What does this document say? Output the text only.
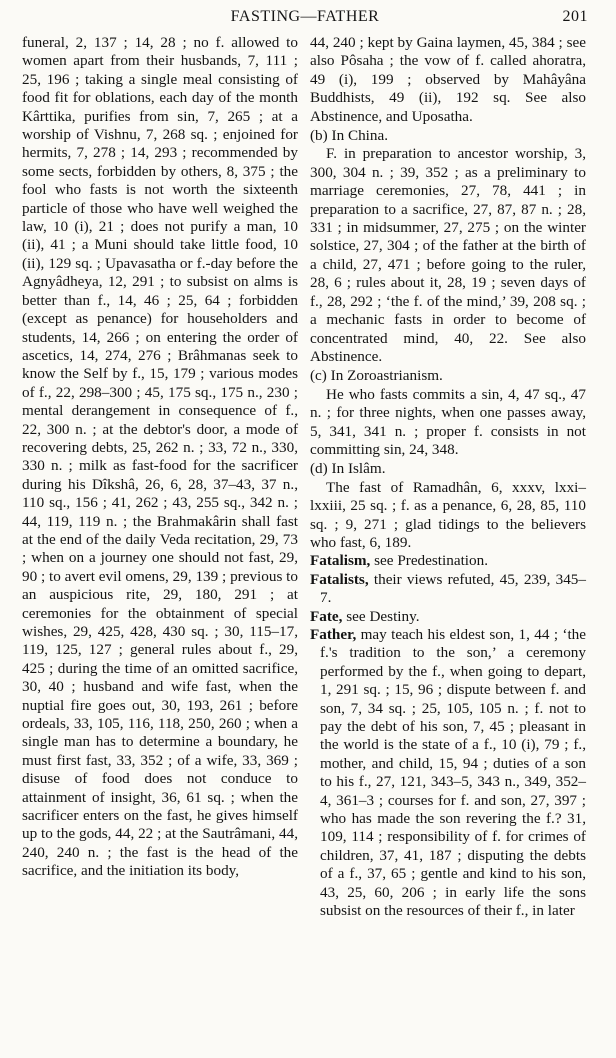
FASTING—FATHER	201

funeral, 2, 137 ; 14, 28 ; no f. allowed to women apart from their husbands, 7, 111 ; 25, 196 ; taking a single meal consisting of food fit for oblations, each day of the month Kârttika, purifies from sin, 7, 265 ; at a worship of Vishnu, 7, 268 sq. ; enjoined for hermits, 7, 278 ; 14, 293 ; recommended by some sects, forbidden by others, 8, 375 ; the fool who fasts is not worth the sixteenth particle of those who have well weighed the law, 10 (i), 21 ; does not purify a man, 10 (ii), 41 ; a Muni should take little food, 10 (ii), 129 sq. ; Upavasatha or f.-day before the Agnyâdheya, 12, 291 ; to subsist on alms is better than f., 14, 46 ; 25, 64 ; forbidden (except as penance) for householders and students, 14, 266 ; on entering the order of ascetics, 14, 274, 276 ; Brâhmanas seek to know the Self by f., 15, 179 ; various modes of f., 22, 298–300 ; 45, 175 sq., 175 n., 230 ; mental derangement in consequence of f., 22, 300 n. ; at the debtor's door, a mode of recovering debts, 25, 262 n. ; 33, 72 n., 330, 330 n. ; milk as fast-food for the sacrificer during his Dîkshâ, 26, 6, 28, 37–43, 37 n., 110 sq., 156 ; 41, 262 ; 43, 255 sq., 342 n. ; 44, 119, 119 n. ; the Brahmakârin shall fast at the end of the daily Veda recitation, 29, 73 ; when on a journey one should not fast, 29, 90 ; to avert evil omens, 29, 139 ; previous to an auspicious rite, 29, 180, 291 ; at ceremonies for the obtainment of special wishes, 29, 425, 428, 430 sq. ; 30, 115–17, 119, 125, 127 ; general rules about f., 29, 425 ; during the time of an omitted sacrifice, 30, 40 ; husband and wife fast, when the nuptial fire goes out, 30, 193, 261 ; before ordeals, 33, 105, 116, 118, 250, 260 ; when a single man has to determine a boundary, he must first fast, 33, 352 ; of a wife, 33, 369 ; disuse of food does not conduce to attainment of insight, 36, 61 sq. ; when the sacrificer enters on the fast, he gives himself up to the gods, 44, 22 ; at the Sautrâmani, 44, 240, 240 n. ; the fast is the head of the sacrifice, and the initiation its body,

44, 240 ; kept by Gaina laymen, 45, 384 ; see also Pôsaha ; the vow of f. called ahoratra, 49 (i), 199 ; observed by Mahâyâna Buddhists, 49 (ii), 192 sq. See also Abstinence, and Uposatha.

(b) In China.

F. in preparation to ancestor worship, 3, 300, 304 n. ; 39, 352 ; as a preliminary to marriage ceremonies, 27, 78, 441 ; in preparation to a sacrifice, 27, 87, 87 n. ; 28, 331 ; in midsummer, 27, 275 ; on the winter solstice, 27, 304 ; of the father at the birth of a child, 27, 471 ; before going to the ruler, 28, 6 ; rules about it, 28, 19 ; seven days of f., 28, 292 ; ‘the f. of the mind,’ 39, 208 sq. ; a mechanic fasts in order to become of concentrated mind, 40, 22. See also Abstinence.

(c) In Zoroastrianism.

He who fasts commits a sin, 4, 47 sq., 47 n. ; for three nights, when one passes away, 5, 341, 341 n. ; proper f. consists in not committing sin, 24, 348.

(d) In Islâm.

The fast of Ramadhân, 6, xxxv, lxxi–lxxiii, 25 sq. ; f. as a penance, 6, 28, 85, 110 sq. ; 9, 271 ; glad tidings to the believers who fast, 6, 189.

Fatalism, see Predestination.

Fatalists, their views refuted, 45, 239, 345–7.

Fate, see Destiny.

Father, may teach his eldest son, 1, 44 ; ‘the f.'s tradition to the son,’ a ceremony performed by the f., when going to depart, 1, 291 sq. ; 15, 96 ; dispute between f. and son, 7, 34 sq. ; 25, 105, 105 n. ; f. not to pay the debt of his son, 7, 45 ; pleasant in the world is the state of a f., 10 (i), 79 ; f., mother, and child, 15, 94 ; duties of a son to his f., 27, 121, 343–5, 343 n., 349, 352–4, 361–3 ; courses for f. and son, 27, 397 ; who has made the son revering the f.? 31, 109, 114 ; responsibility of f. for crimes of children, 37, 41, 187 ; disputing the debts of a f., 37, 65 ; gentle and kind to his son, 43, 25, 60, 206 ; in early life the sons subsist on the resources of their f., in later
